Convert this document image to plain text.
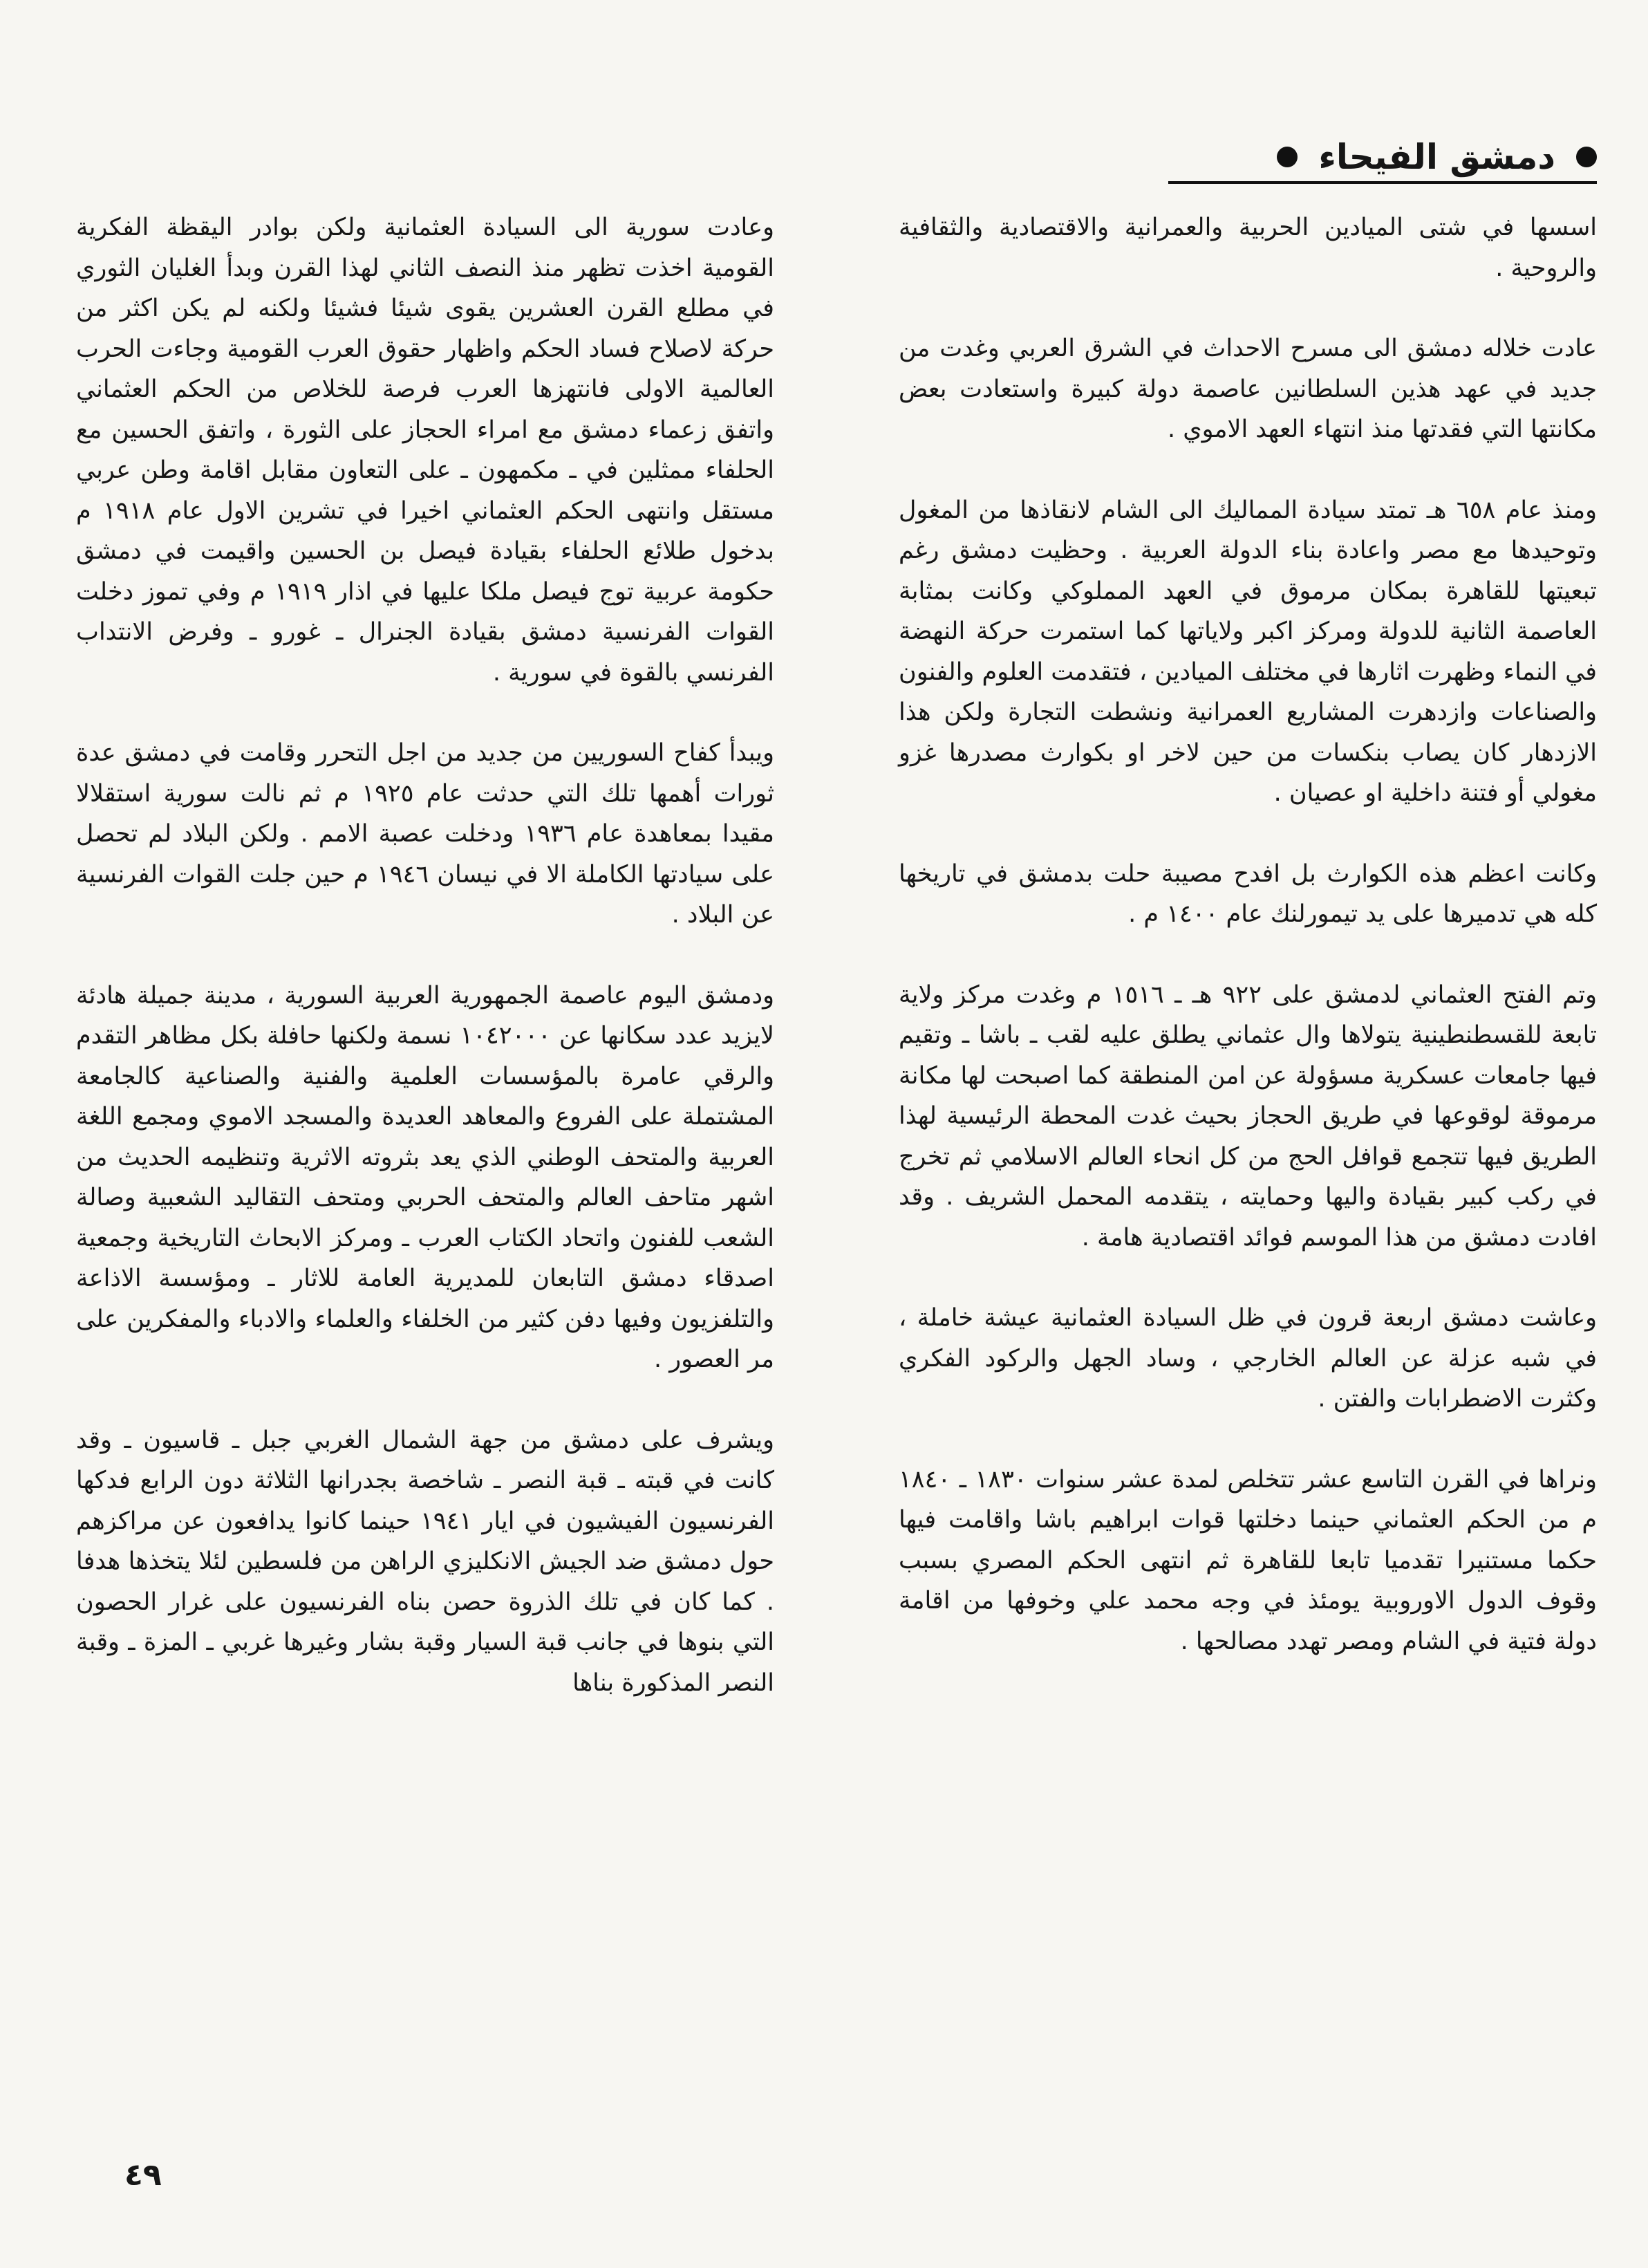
دمشق الفيحاء

اسسها في شتى الميادين الحربية والعمرانية والاقتصادية والثقافية والروحية .

عادت خلاله دمشق الى مسرح الاحداث في الشرق العربي وغدت من جديد في عهد هذين السلطانين عاصمة دولة كبيرة واستعادت بعض مكانتها التي فقدتها منذ انتهاء العهد الاموي .

ومنذ عام ٦٥٨ هـ تمتد سيادة المماليك الى الشام لانقاذها من المغول وتوحيدها مع مصر واعادة بناء الدولة العربية . وحظيت دمشق رغم تبعيتها للقاهرة بمكان مرموق في العهد المملوكي وكانت بمثابة العاصمة الثانية للدولة ومركز اكبر ولاياتها كما استمرت حركة النهضة في النماء وظهرت اثارها في مختلف الميادين ، فتقدمت العلوم والفنون والصناعات وازدهرت المشاريع العمرانية ونشطت التجارة ولكن هذا الازدهار كان يصاب بنكسات من حين لاخر او بكوارث مصدرها غزو مغولي أو فتنة داخلية او عصيان .

وكانت اعظم هذه الكوارث بل افدح مصيبة حلت بدمشق في تاريخها كله هي تدميرها على يد تيمورلنك عام ١٤٠٠ م .

وتم الفتح العثماني لدمشق على ٩٢٢ هـ ـ ١٥١٦ م وغدت مركز ولاية تابعة للقسطنطينية يتولاها وال عثماني يطلق عليه لقب ـ باشا ـ وتقيم فيها جامعات عسكرية مسؤولة عن امن المنطقة كما اصبحت لها مكانة مرموقة لوقوعها في طريق الحجاز بحيث غدت المحطة الرئيسية لهذا الطريق فيها تتجمع قوافل الحج من كل انحاء العالم الاسلامي ثم تخرج في ركب كبير بقيادة واليها وحمايته ، يتقدمه المحمل الشريف . وقد افادت دمشق من هذا الموسم فوائد اقتصادية هامة .

وعاشت دمشق اربعة قرون في ظل السيادة العثمانية عيشة خاملة ، في شبه عزلة عن العالم الخارجي ، وساد الجهل والركود الفكري وكثرت الاضطرابات والفتن .

ونراها في القرن التاسع عشر تتخلص لمدة عشر سنوات ١٨٣٠ ـ ١٨٤٠ م من الحكم العثماني حينما دخلتها قوات ابراهيم باشا واقامت فيها حكما مستنيرا تقدميا تابعا للقاهرة ثم انتهى الحكم المصري بسبب وقوف الدول الاوروبية يومئذ في وجه محمد علي وخوفها من اقامة دولة فتية في الشام ومصر تهدد مصالحها .

وعادت سورية الى السيادة العثمانية ولكن بوادر اليقظة الفكرية القومية اخذت تظهر منذ النصف الثاني لهذا القرن وبدأ الغليان الثوري في مطلع القرن العشرين يقوى شيئا فشيئا ولكنه لم يكن اكثر من حركة لاصلاح فساد الحكم واظهار حقوق العرب القومية وجاءت الحرب العالمية الاولى فانتهزها العرب فرصة للخلاص من الحكم العثماني واتفق زعماء دمشق مع امراء الحجاز على الثورة ، واتفق الحسين مع الحلفاء ممثلين في ـ مكمهون ـ على التعاون مقابل اقامة وطن عربي مستقل وانتهى الحكم العثماني اخيرا في تشرين الاول عام ١٩١٨ م بدخول طلائع الحلفاء بقيادة فيصل بن الحسين واقيمت في دمشق حكومة عربية توج فيصل ملكا عليها في اذار ١٩١٩ م وفي تموز دخلت القوات الفرنسية دمشق بقيادة الجنرال ـ غورو ـ وفرض الانتداب الفرنسي بالقوة في سورية .

ويبدأ كفاح السوريين من جديد من اجل التحرر وقامت في دمشق عدة ثورات أهمها تلك التي حدثت عام ١٩٢٥ م ثم نالت سورية استقلالا مقيدا بمعاهدة عام ١٩٣٦ ودخلت عصبة الامم . ولكن البلاد لم تحصل على سيادتها الكاملة الا في نيسان ١٩٤٦ م حين جلت القوات الفرنسية عن البلاد .

ودمشق اليوم عاصمة الجمهورية العربية السورية ، مدينة جميلة هادئة لايزيد عدد سكانها عن ١٠٤٢٠٠٠ نسمة ولكنها حافلة بكل مظاهر التقدم والرقي عامرة بالمؤسسات العلمية والفنية والصناعية كالجامعة المشتملة على الفروع والمعاهد العديدة والمسجد الاموي ومجمع اللغة العربية والمتحف الوطني الذي يعد بثروته الاثرية وتنظيمه الحديث من اشهر متاحف العالم والمتحف الحربي ومتحف التقاليد الشعبية وصالة الشعب للفنون واتحاد الكتاب العرب ـ ومركز الابحاث التاريخية وجمعية اصدقاء دمشق التابعان للمديرية العامة للاثار ـ ومؤسسة الاذاعة والتلفزيون وفيها دفن كثير من الخلفاء والعلماء والادباء والمفكرين على مر العصور .

ويشرف على دمشق من جهة الشمال الغربي جبل ـ قاسيون ـ وقد كانت في قبته ـ قبة النصر ـ شاخصة بجدرانها الثلاثة دون الرابع فدكها الفرنسيون الفيشيون في ايار ١٩٤١ حينما كانوا يدافعون عن مراكزهم حول دمشق ضد الجيش الانكليزي الراهن من فلسطين لئلا يتخذها هدفا . كما كان في تلك الذروة حصن بناه الفرنسيون على غرار الحصون التي بنوها في جانب قبة السيار وقبة بشار وغيرها غربي ـ المزة ـ وقبة النصر المذكورة بناها

٤٩
